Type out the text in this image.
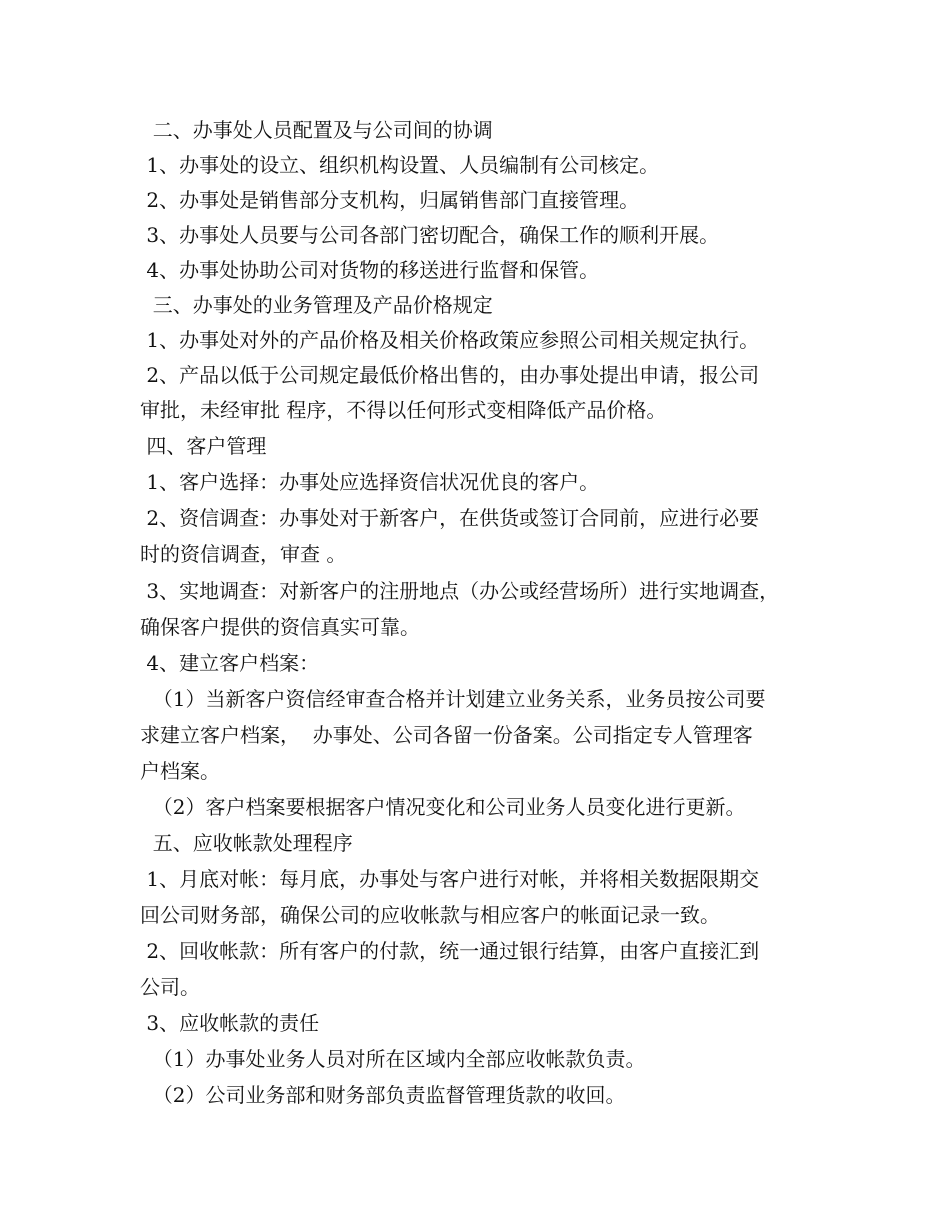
二、办事处人员配置及与公司间的协调
1、办事处的设立、组织机构设置、人员编制有公司核定。
2、办事处是销售部分支机构，归属销售部门直接管理。
3、办事处人员要与公司各部门密切配合，确保工作的顺利开展。
4、办事处协助公司对货物的移送进行监督和保管。
三、办事处的业务管理及产品价格规定
1、办事处对外的产品价格及相关价格政策应参照公司相关规定执行。
2、产品以低于公司规定最低价格出售的，由办事处提出申请，报公司
审批，未经审批 程序，不得以任何形式变相降低产品价格。
四、客户管理
1、客户选择：办事处应选择资信状况优良的客户。
2、资信调查：办事处对于新客户，在供货或签订合同前，应进行必要
时的资信调查，审查 。
3、实地调查：对新客户的注册地点（办公或经营场所）进行实地调查，
确保客户提供的资信真实可靠。
4、建立客户档案：
（1）当新客户资信经审查合格并计划建立业务关系，业务员按公司要
求建立客户档案，  办事处、公司各留一份备案。公司指定专人管理客
户档案。
（2）客户档案要根据客户情况变化和公司业务人员变化进行更新。
五、应收帐款处理程序
1、月底对帐：每月底，办事处与客户进行对帐，并将相关数据限期交
回公司财务部，确保公司的应收帐款与相应客户的帐面记录一致。
2、回收帐款：所有客户的付款，统一通过银行结算，由客户直接汇到
公司。
3、应收帐款的责任
（1）办事处业务人员对所在区域内全部应收帐款负责。
（2）公司业务部和财务部负责监督管理货款的收回。
